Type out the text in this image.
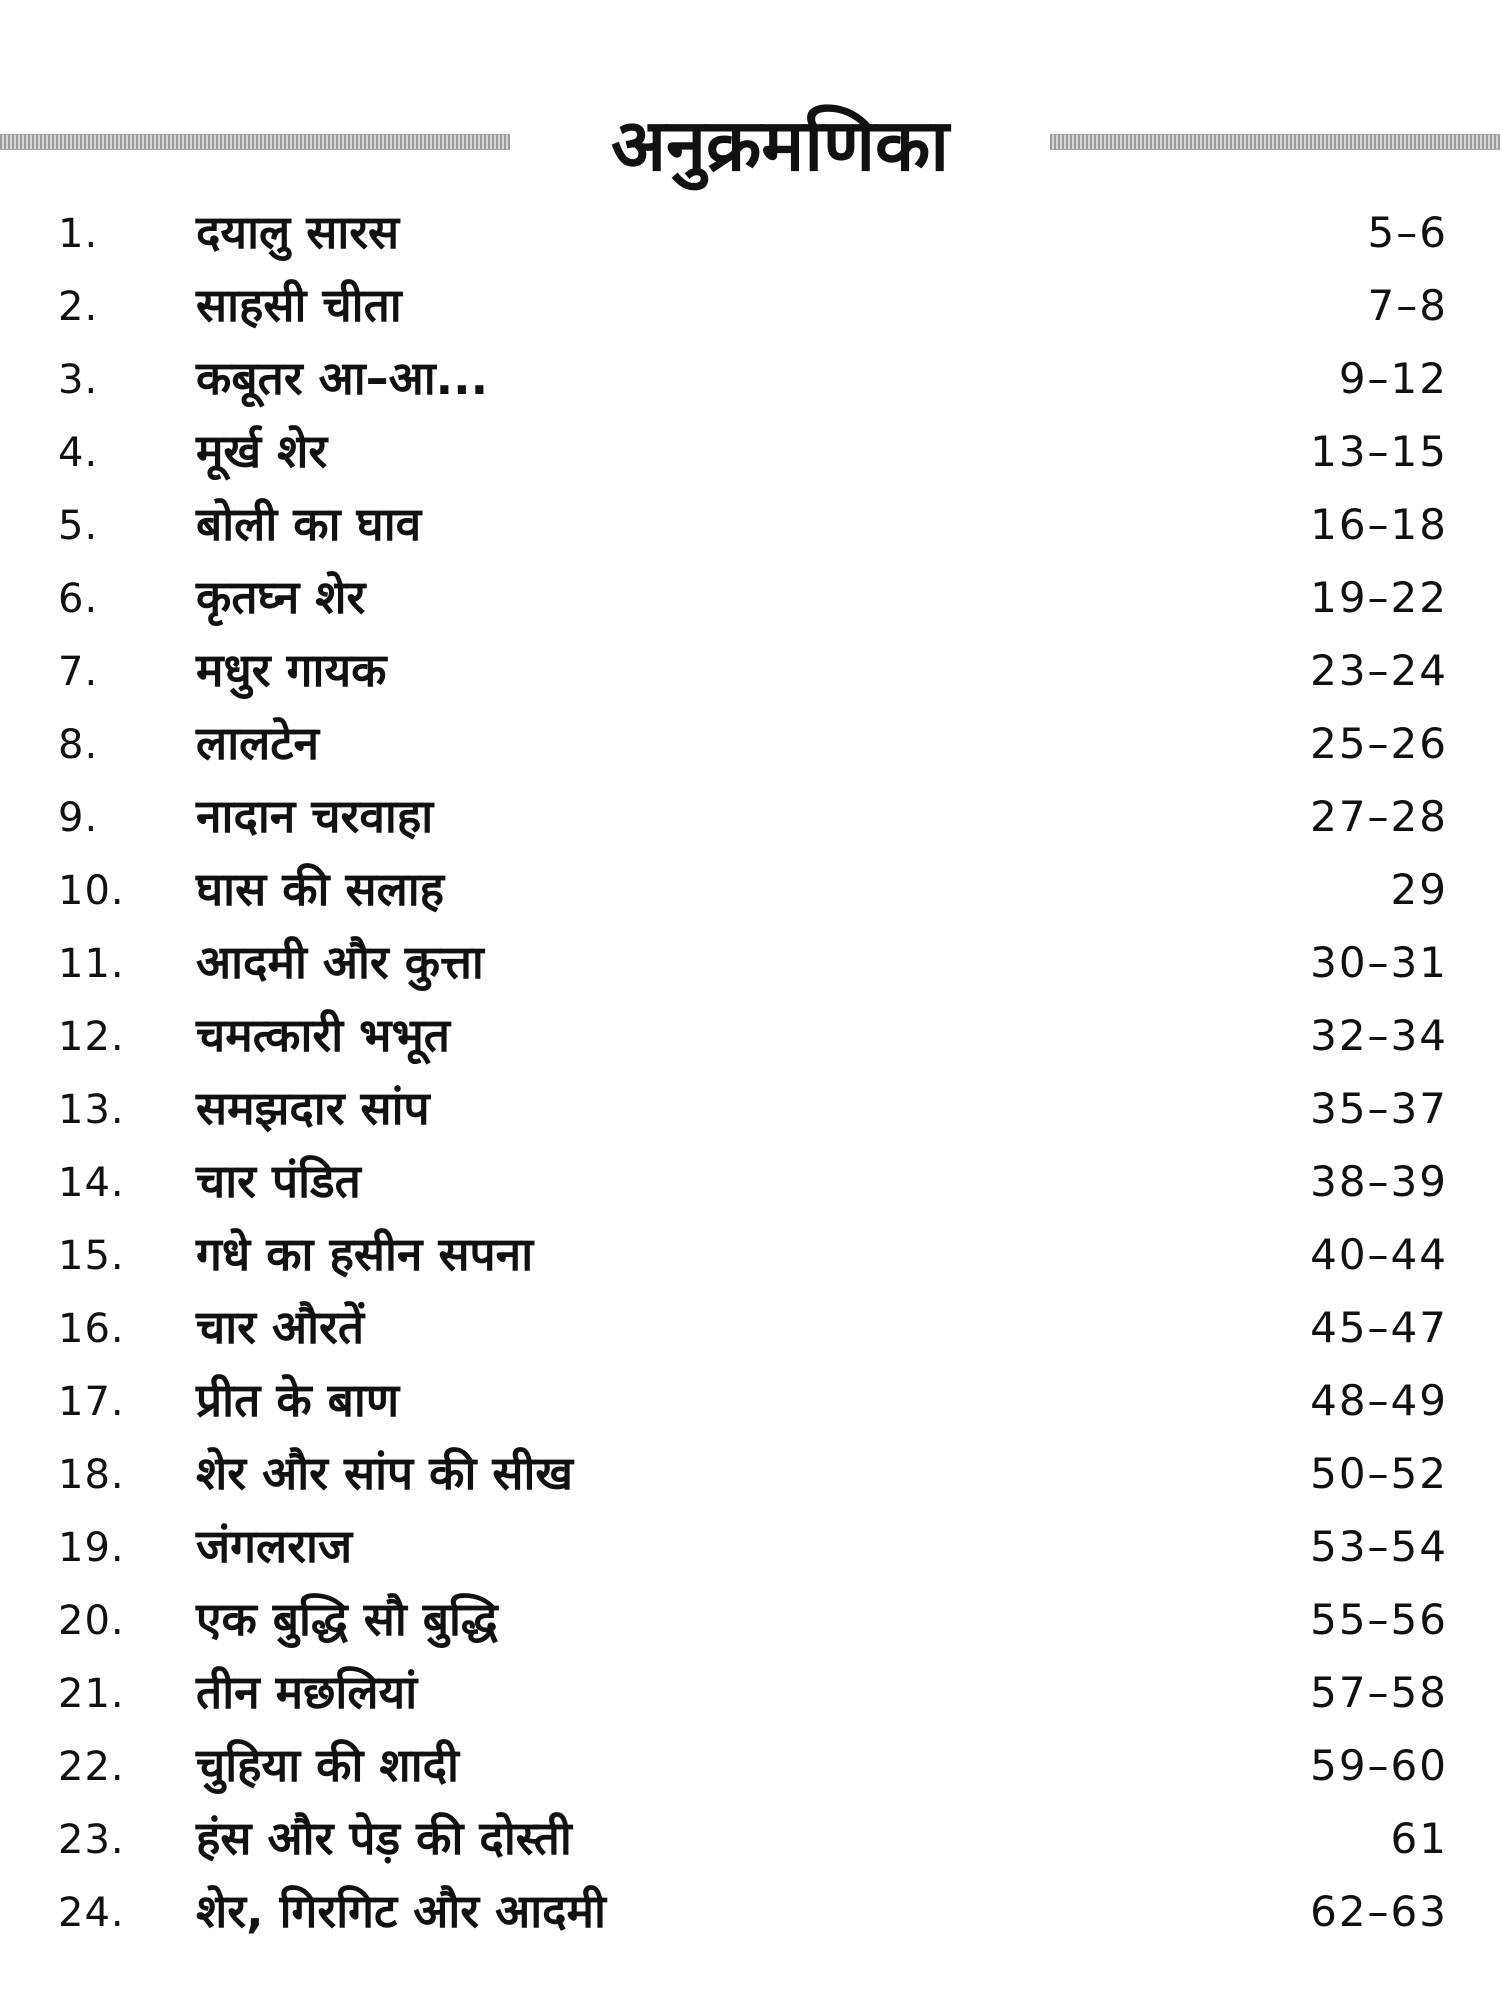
अनुक्रमणिका
1. दयालु सारस	5–6
2. साहसी चीता	7–8
3. कबूतर आ–आ...	9–12
4. मूर्ख शेर	13–15
5. बोली का घाव	16–18
6. कृतघ्न शेर	19–22
7. मधुर गायक	23–24
8. लालटेन	25–26
9. नादान चरवाहा	27–28
10. घास की सलाह	29
11. आदमी और कुत्ता	30–31
12. चमत्कारी भभूत	32–34
13. समझदार सांप	35–37
14. चार पंडित	38–39
15. गधे का हसीन सपना	40–44
16. चार औरतें	45–47
17. प्रीत के बाण	48–49
18. शेर और सांप की सीख	50–52
19. जंगलराज	53–54
20. एक बुद्धि सौ बुद्धि	55–56
21. तीन मछलियां	57–58
22. चुहिया की शादी	59–60
23. हंस और पेड़ की दोस्ती	61
24. शेर, गिरगिट और आदमी	62–63
